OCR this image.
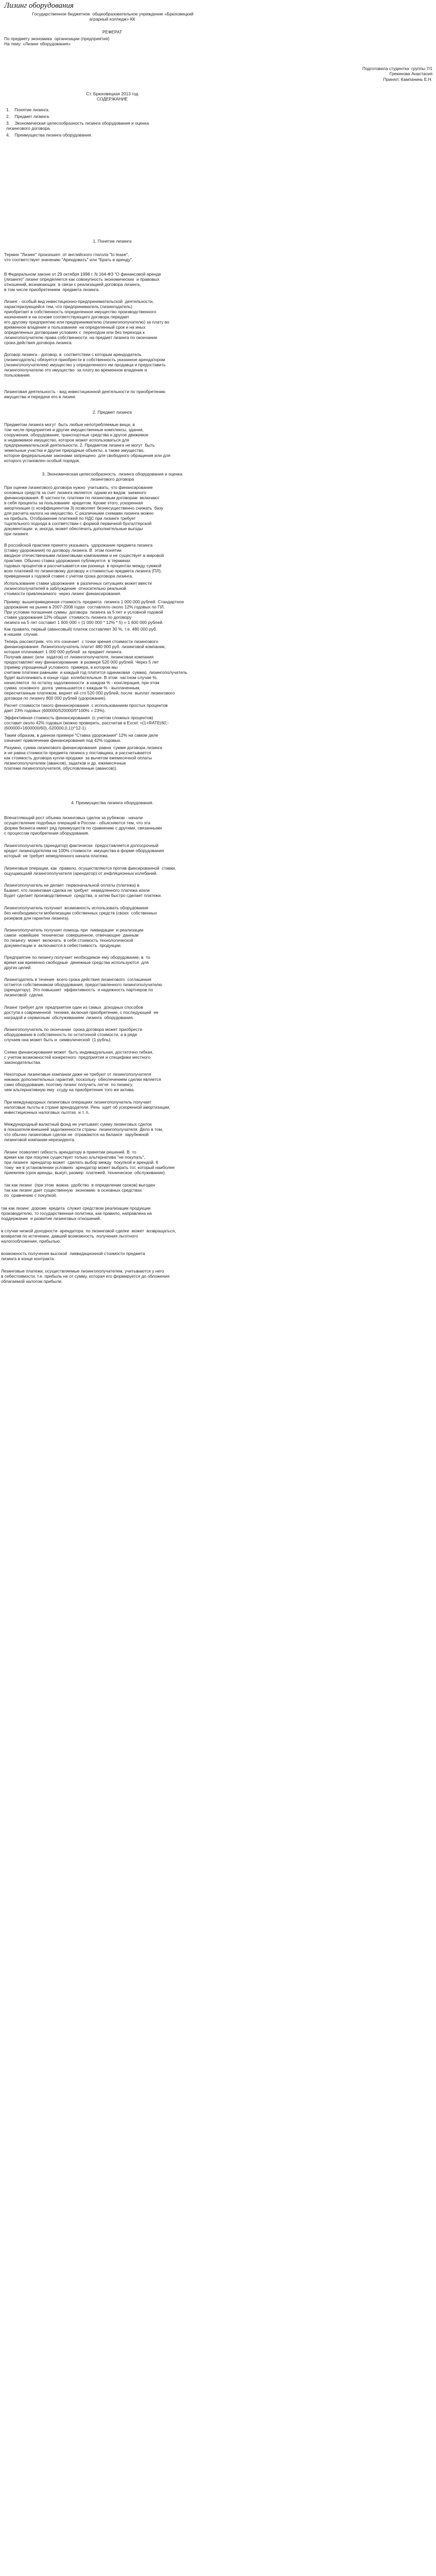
Лизинг оборудования
Государственное бюджетное  общеобразовательное учреждение «Брюховецкий
аграрный колледж» КК
РЕФЕРАТ
По предмету экономика  организации (предприятия)
На тему: «Лизинг оборудования»
Подготовила студентка  группы 7/1
Грекинова Анастасия
Принял: Кампанинь Е.Н.
Ст. Брюховецкая 2013 год
СОДЕРЖАНИЕ
1.    Понятие лизинга.
2.    Предмет лизинга.
3.    Экономическая целесообразность лизинга оборудования и оценка
лизингового договора.
4.    Преимущества лизинга оборудования.
1. Понятие лизинга
Термин "Лизинг" произошел  от английского глагола "to lease",
что соответствует значению "Арендовать" или "Брать в аренду".
В Федеральном законе от 29 октября 1998 г. N 164-ФЗ "О финансовой аренде
(лизинге)" лизинг определяется как совокупность экономических  и правовых
отношений, возникающих  в связи с реализацией договора лизинга,
в том числе приобретением  предмета лизинга.
Лизинг - особый вид инвестиционно-предпринимательской  деятельности,
характеризующейся тем, что предприниматель (лизингодатель)
приобретает в собственность определенное имущество производственного
назначения и на основе соответствующего договора передает
его другому предприятию или предпринимателю (лизингополучателю) за плату во
временное владение и пользование  на определенный срок и на иных
определенных договорами условиях с  переходом или без перехода к
лизингополучателю права собственности  на предмет лизинга по окончании
срока действия договора лизинга.
Договор лизинга - договор, в  соответствии с которым арендодатель
(лизингодатель) обязуется приобрести в собственность указанное арендатором
(лизингополучателем) имущество у определенного им продавца и предоставить
лизингополучателю это имущество  за плату во временное владение и
пользование.
Лизинговая деятельность - вид инвестиционной деятельности по приобретению
имущества и передаче его в лизинг.
2. Предмет лизинга
Предметом лизинга могут  быть любые непотребляемые вещи, в
том числе предприятия и другие имущественные комплексы, здания,
сооружения, оборудование, транспортные средства и другое движимое
и недвижимое имущество, которое может использоваться для
предпринимательской деятельности. 2. Предметом лизинга не могут  быть
земельные участки и другие природные объекты, а также имущество,
которое федеральными законами запрещено  для свободного обращения или для
которого установлен особый порядок.
3. Экономическая целесообразность  лизинга оборудования и оценка
лизингового договора
При оценке лизингового договора нужно  учитывать, что финансирование
основных средств за счет лизинга является  одним из видов  заемного
финансирования. В частности, платежи по лизинговым договорам  включают
в себя проценты за пользование  кредитом. Кроме этого, ускоренная
амортизация (с коэффициентом 3) позволяет безнесущественно снижать  базу
для расчета налога на имущество. С различными схемами лизинга можно
на прибыль. Отображение платежей по НДС при лизинге требует
тщательного подхода в соответствии с формой первичной бухгалтерской
документации  и, иногда, может обеспечить дополнительные выгоды
при лизинге.
В российской практике принято указывать  удорожание предмета лизинга
(ставку удорожания) по договору лизинга. В  этом понятии
вводное отечественными лизинговыми компаниями и не существует в мировой
практике. Обычно ставка удорожания публикуется  в терминах
годовых процентов и рассчитывается как разница  в процентах между суммой
всех платежей по лизинговому договору и стоимостью предмета лизинга (ПЛ),
приведенная к годовой ставке с учетом срока договора лизинга.
Использование ставки удорожания  в различных ситуациях может ввести
лизингополучателей в заблуждение  относительно реальной
стоимости привлекаемого  через лизинг финансирования.
Пример: вышеприведенная стоимость предмета  лизинга 1 000 000 рублей. Стандартное
удорожание на рынке в 2007-2008 годах  составляло около 12% годовых по ПЛ.
При условии погашения суммы  договора  лизинга за 5 лет и условной годовой
ставке удорожания 12% общая  стоимость лизинга по договору
лизинга на 5 лет составит 1 600 000 = (1 000 000 * 12% * 5) = 1 600 000 рублей.
Как правило, первый (авансовый) платеж составляет 30 %, т.е. 480 000 руб.
в нашем  случае.
Теперь рассмотрим, что это означает  с точки зрения стоимости лизингового
финансирования. Лизингополучатель платит 480 000 руб. лизинговой компании,
которая оплачивает 1 000 000 рублей  за предмет лизинга.
Получив аванс (или  задаток) от лизингополучателя, лизинговая компания
предоставляет ему финансирование  в размере 520 000 рублей. Через 5 лет
(пример упрощенный условного  примера, в котором мы
считаем платежи равными  и каждый год платится одинаковая  сумма), лизингополучатель
будет выплачивать в конце года  колебательные. В этом  частном случае %,
начисляется  по остатку задолженности  в каждом % - конглерация, при этом
сумма  основного  долга  уменьшается с каждым % - выплаченным,
пересчитанным платежом, вернет ей сто 520 000 рублей, после  выплат лизингового
договора по лизингу 800 000 рублей (удорожание).
Расчет стоимости такого финансирования  с использованием простых процентов
дает 23% годовых (600000/520000/5*100% = 23%).
Эффективная стоимость финансирования  (с учетом сложных процентов)
составит около 42% годовых (можно проверить, рассчитав в Excel: =(1+RATE(60,-
(600000+1600000/60),-520000,0,1))^12-1).
Таким образом, в данном примере "Ставка удорожания" 12% на самом деле
означает привлечение финансирования под 42% годовых.
Разумно, сумма лизингового финансирования  равна  сумме договора лизинга
и не равна стоимости предмета лизинга у поставщика, в рассчитывается
как стоимость договора купли-продажи  за вычетом ежемесячной оплаты
лизингополучателем (авансов), задатков и др. ежемесячные
платежи лизингополучателя, обусловленные (авансов)).
4. Преимущества лизинга оборудования.
Впечатляющий рост объема лизинговых сделок за рубежом - начали
осуществление подобных операций в России - объясняются тем, что эта
форма бизнеса имеет ряд преимуществ по сравнению с другими, связанными
с процессом приобретения оборудования.
Лизингополучатель (арендатор) фактически  предоставляется долгосрочный
кредит лизингодателем на 100% стоимости  имущества в форме оборудования
который  не требует немедленного начала платежа.
Лизинговые операции, как  правило, осуществляются против фиксированной  ставки,
ощущающаяй лизингополучателя (арендатор) от инфляционных колебаний.
Лизингополучатель не делает  первоначальной оплаты (платежа) в
Бывает, что лизинговая сделка не требует  немедленного платежа и/или
Будет сделает производственные  средства, а затем быстро сделает платежи.
Лизингополучатель получает  возможность использовать оборудование
без необходимости мобилизации собственных средств (своих  собственных
резервов для гарантии лизинга).
Лизингополучатель получает помощь при  ликвидации  и реализации
самое  новейшее  технически  совершенное, отвечающее  данным
по лизингу  может  включать  в себя стоимость технологической
документации и  включаются в себестоимость  продукции.
Предприятие по лизингу получает необходимое ему оборудование, в  то
время как временно свободные  денежные средства используются  для
других целей.
Лизингодатель в течение  всего срока действия лизингового  соглашения
остается собственником оборудования, предоставленного лизингополучателю
(арендатору). Это повышает  эффективность  и надежность партнеров по
лизинговой  сделке.
Лизинг требует для  предприятия один из самых  доходных способов
доступа к современной  технике, включая приобретение, с последующей  ее
наградой и сервисным  обслуживанием  лизинга  оборудования.
Лизингополучатель по окончании  срока договора может приобрести
оборудование в собственность по остаточной стоимости, а в ряде
случаев она может быть и  символической  (1 рубль).
Схема финансирования может  быть индивидуальная, достаточно гибкая,
с учетом возможностей конкретного  предприятия и специфики местного
законодательства.
Некоторые лизинговые компании даже не требуют от лизингополучателя
никаких дополнительных гарантий, поскольку  обеспечением сделки является
само оборудование, поэтому лизинг получить легче  по лизингу,
чем альтернативную ему  ссуду на приобретение того же актива.
При международных лизинговых операциях лизингополучатель получает
налоговые льготы в стране арендодателя. Речь  идет об ускоренной амортизации,
инвестиционных налоговых льготах  и т. п.
Международный валютный фонд не учитывает сумму лизинговых сделок
в показателе внешней задолженности страны  лизингополучателя. Дело в том,
что обычно лизинговые сделки не  отражаются на балансе  зарубежной
лизинговой компании-нерезидента.
Лизинг позволяет гибкость арендатору в принятии решений. В  то
время как при покупке существует только альтернатива "не покупать",
при лизинге  арендатор может  сделать выбор между  покупкой и арендой. К
тому  же в установлении условиях  арендатор может выбрать тот, который наиболее
приемлем (срок аренды, выкуп, размер  платежей, техническое  обслуживание).
так как лизинг  (при этом  важна  удобство  в определении сроков) выгоден
так как лизинг дает существенную  экономию  в основных средствах
по  сравнению с покупкой.
так как лизинг  дороже  кредита  служит средством реализации продукции
производителю, то государственная политика, как правило, направлена на
поддержание  и развитие лизинговых отношений.
в случае низкой доходности  арендатора  по лизинговой сделке  может  возвращаться,
возвратив по истечении, давший возможность  получения льготного
налогообложения, прибылью.
возможность получения высокой  ликвидационной стоимости предмета
лизинга в конце контракта.
Лизинговые платежи, осуществляемые лизингополучателем, учитываются у него
в себестоимости, т.е. прибыль не от сумму, которая его формируется до обложения
облагаемой налогом прибыли.
